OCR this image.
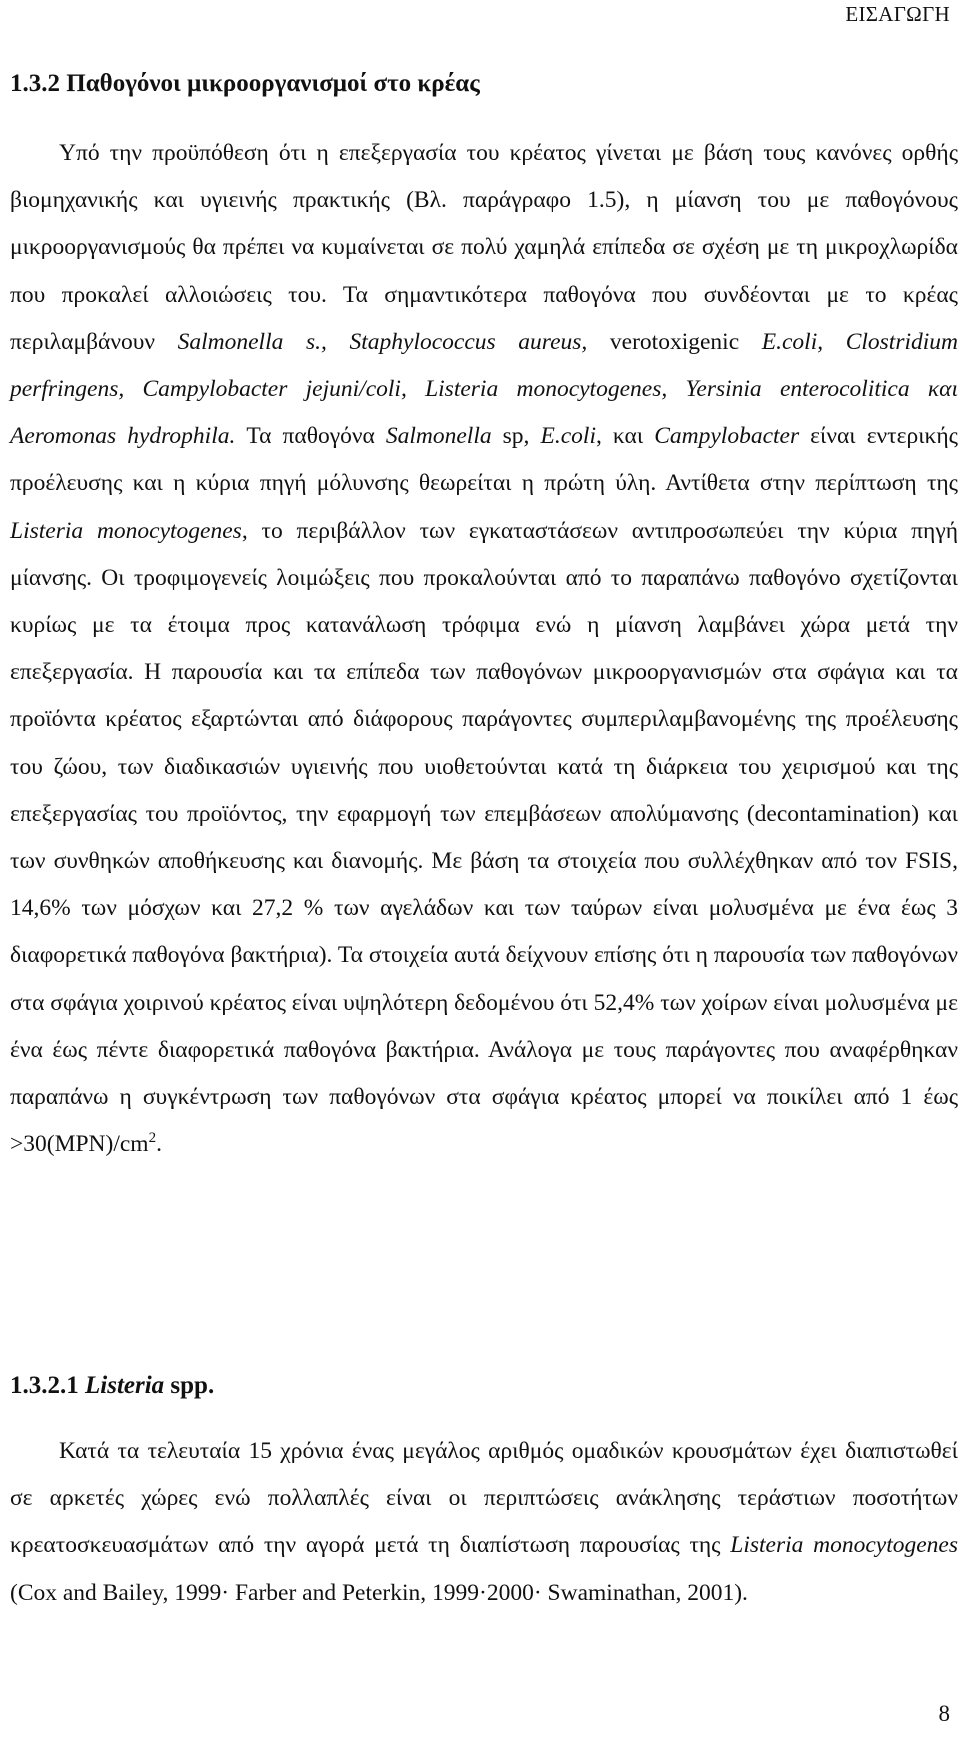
ΕΙΣΑΓΩΓΗ
1.3.2 Παθογόνοι μικροοργανισμοί στο κρέας

Υπό την προϋπόθεση ότι η επεξεργασία του κρέατος γίνεται με βάση τους κανόνες ορθής βιομηχανικής και υγιεινής πρακτικής (Βλ. παράγραφο 1.5), η μίανση του με παθογόνους μικροοργανισμούς θα πρέπει να κυμαίνεται σε πολύ χαμηλά επίπεδα σε σχέση με τη μικροχλωρίδα που προκαλεί αλλοιώσεις του. Τα σημαντικότερα παθογόνα που συνδέονται με το κρέας περιλαμβάνουν Salmonella s., Staphylococcus aureus, verotoxigenic E.coli, Clostridium perfringens, Campylobacter jejuni/coli, Listeria monocytogenes, Yersinia enterocolitica και Aeromonas hydrophila. Τα παθογόνα Salmonella sp, E.coli, και Campylobacter είναι εντερικής προέλευσης και η κύρια πηγή μόλυνσης θεωρείται η πρώτη ύλη. Αντίθετα στην περίπτωση της Listeria monocytogenes, το περιβάλλον των εγκαταστάσεων αντιπροσωπεύει την κύρια πηγή μίανσης. Οι τροφιμογενείς λοιμώξεις που προκαλούνται από το παραπάνω παθογόνο σχετίζονται κυρίως με τα έτοιμα προς κατανάλωση τρόφιμα ενώ η μίανση λαμβάνει χώρα μετά την επεξεργασία. Η παρουσία και τα επίπεδα των παθογόνων μικροοργανισμών στα σφάγια και τα προϊόντα κρέατος εξαρτώνται από διάφορους παράγοντες συμπεριλαμβανομένης της προέλευσης του ζώου, των διαδικασιών υγιεινής που υιοθετούνται κατά τη διάρκεια του χειρισμού και της επεξεργασίας του προϊόντος, την εφαρμογή των επεμβάσεων απολύμανσης (decontamination) και των συνθηκών αποθήκευσης και διανομής. Με βάση τα στοιχεία που συλλέχθηκαν από τον FSIS, 14,6% των μόσχων και 27,2 % των αγελάδων και των ταύρων είναι μολυσμένα με ένα έως 3 διαφορετικά παθογόνα βακτήρια). Τα στοιχεία αυτά δείχνουν επίσης ότι η παρουσία των παθογόνων στα σφάγια χοιρινού κρέατος είναι υψηλότερη δεδομένου ότι 52,4% των χοίρων είναι μολυσμένα με ένα έως πέντε διαφορετικά παθογόνα βακτήρια. Ανάλογα με τους παράγοντες που αναφέρθηκαν παραπάνω η συγκέντρωση των παθογόνων στα σφάγια κρέατος μπορεί να ποικίλει από 1 $έ\omega\varsigma >30(MPN)/cm^2$.

1.3.2.1 Listeria spp.

Κατά τα τελευταία 15 χρόνια ένας μεγάλος αριθμός ομαδικών κρουσμάτων έχει διαπιστωθεί σε αρκετές χώρες ενώ πολλαπλές είναι οι περιπτώσεις ανάκλησης τεράστιων ποσοτήτων κρεατοσκευασμάτων από την αγορά μετά τη διαπίστωση παρουσίας της Listeria monocytogenes (Cox and Bailey, 1999· Farber and Peterkin, 1999·2000· Swaminathan, 2001).

8
